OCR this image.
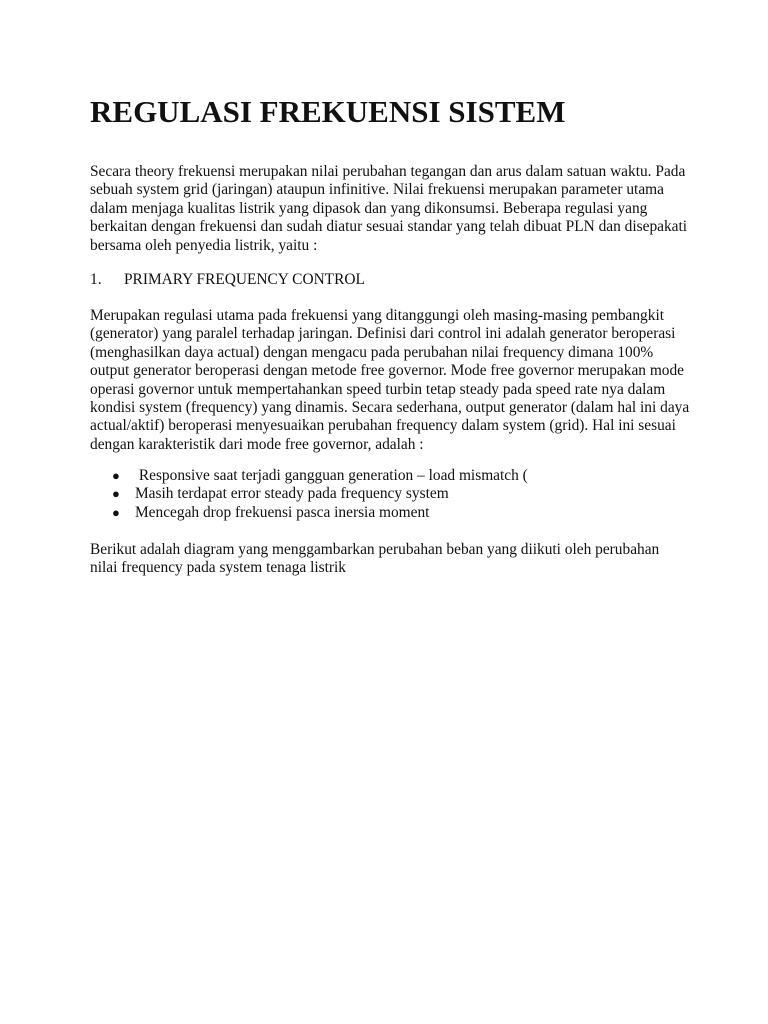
REGULASI FREKUENSI SISTEM

Secara theory frekuensi merupakan nilai perubahan tegangan dan arus dalam satuan waktu. Pada
sebuah system grid (jaringan) ataupun infinitive. Nilai frekuensi merupakan parameter utama
dalam menjaga kualitas listrik yang dipasok dan yang dikonsumsi. Beberapa regulasi yang
berkaitan dengan frekuensi dan sudah diatur sesuai standar yang telah dibuat PLN dan disepakati
bersama oleh penyedia listrik, yaitu :

1. PRIMARY FREQUENCY CONTROL

Merupakan regulasi utama pada frekuensi yang ditanggungi oleh masing-masing pembangkit
(generator) yang paralel terhadap jaringan. Definisi dari control ini adalah generator beroperasi
(menghasilkan daya actual) dengan mengacu pada perubahan nilai frequency dimana 100%
output generator beroperasi dengan metode free governor. Mode free governor merupakan mode
operasi governor untuk mempertahankan speed turbin tetap steady pada speed rate nya dalam
kondisi system (frequency) yang dinamis. Secara sederhana, output generator (dalam hal ini daya
actual/aktif) beroperasi menyesuaikan perubahan frequency dalam system (grid). Hal ini sesuai
dengan karakteristik dari mode free governor, adalah :

● Responsive saat terjadi gangguan generation – load mismatch (
● Masih terdapat error steady pada frequency system
● Mencegah drop frekuensi pasca inersia moment

Berikut adalah diagram yang menggambarkan perubahan beban yang diikuti oleh perubahan
nilai frequency pada system tenaga listrik
